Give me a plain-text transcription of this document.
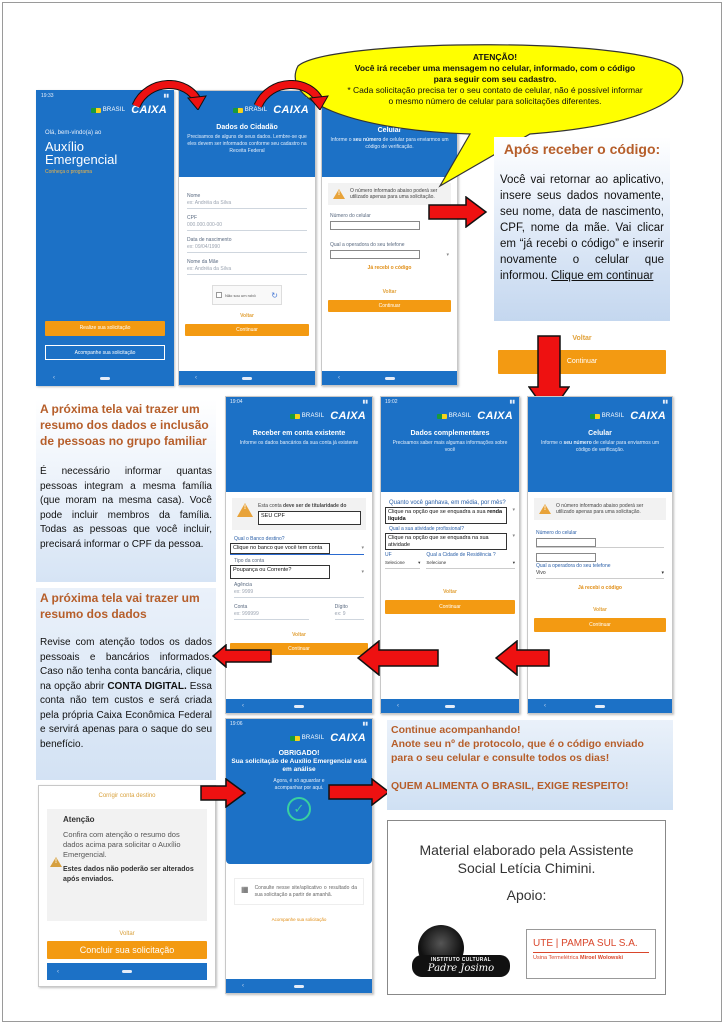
19:33	▮▮
BRASIL CAIXA
Olá, bem-vindo(a) ao
Auxílio Emergencial
Conheça o programa
Realize sua solicitação
Acompanhe sua solicitação
‹
BRASIL CAIXA
Dados do Cidadão
Precisamos de alguns de seus dados. Lembre-se que eles devem ser informados conforme seu cadastro na Receita Federal
Nome
ex: Andréia da Silva
CPF
000.000.000-00
Data de nascimento
ex: 09/04/1990
Nome da Mãe
ex: Andréia da Silva
Não sou um robô	↻
Voltar
Continuar
‹
Celular
Informe o seu número de celular para enviarmos um código de verificação.
!
O número informado abaixo poderá ser utilizado apenas para uma solicitação.
Número do celular
Qual a operadora do seu telefone
▾
Já recebi o código
Voltar
Continuar
‹
ATENÇÃO!
Você irá receber uma mensagem no celular, informado, com o código para seguir com seu cadastro.
* Cada solicitação precisa ter o seu contato de celular, não é possível informar o mesmo número de celular para solicitações diferentes.
Após receber o código:
Você vai retornar ao aplicativo, insere seus dados novamente, seu nome, data de nascimento, CPF, nome da mãe. Vai clicar em “já recebi o código” e inserir novamente o celular que informou. Clique em continuar
Voltar
Continuar
A próxima tela vai trazer um resumo dos dados e inclusão de pessoas no grupo familiar
É necessário informar quantas pessoas integram a mesma família (que moram na mesma casa). Você pode incluir membros da família. Todas as pessoas que você incluir, precisará informar o CPF da pessoa.
A próxima tela vai trazer um resumo dos dados
Revise com atenção todos os dados pessoais e bancários informados. Caso não tenha conta bancária, clique na opção abrir CONTA DIGITAL. Essa conta não tem custos e será criada pela própria Caixa Econômica Federal e servirá apenas para o saque do seu benefício.
19:04	▮▮
BRASIL CAIXA
Receber em conta existente
Informe os dados bancários da sua conta já existente
!
Esta conta deve ser de titularidade do
SEU CPF
Qual o Banco destino?
Clique no banco que você tem conta	▾
Tipo da conta
Poupança ou Corrente?	▾
Agência
ex: 9999
Conta
ex: 999999
Dígito
ex: 9
Voltar
Continuar
‹
19:02	▮▮
BRASIL CAIXA
Dados complementares
Precisamos saber mais algumas informações sobre você
Quanto você ganhava, em média, por mês?
Clique na opção que se enquadra a sua renda líquida
▾
Qual a sua atividade profissional?
Clique na opção que se enquadra na sua atividade
▾
UF
Selecione	▾
Qual a Cidade de Residência ?
Selecione	▾
Voltar
Continuar
‹
▮▮
BRASIL CAIXA
Celular
Informe o seu número de celular para enviarmos um código de verificação.
!
O número informado abaixo poderá ser utilizado apenas para uma solicitação.
Número do celular
Qual a operadora do seu telefone
Vivo	▾
Já recebi o código
Voltar
Continuar
‹
Corrigir conta destino
Atenção
!
Confira com atenção o resumo dos dados acima para solicitar o Auxílio Emergencial.
Estes dados não poderão ser alterados após enviados.
Voltar
Concluir sua solicitação
‹
19:06	▮▮
BRASIL CAIXA
OBRIGADO!
Sua solicitação de Auxílio Emergencial está em análise
Agora, é só aguardar e acompanhar por aqui.
✓
▦ Consulte nesse site/aplicativo o resultado da sua solicitação a partir de amanhã.
Acompanhe sua solicitação
‹
Continue acompanhando!
Anote seu nº de protocolo, que é o código enviado para o seu celular e consulte todos os dias!
QUEM ALIMENTA O BRASIL, EXIGE RESPEITO!
Material elaborado pela Assistente Social Letícia Chimini.
Apoio:
INSTITUTO CULTURAL
Padre Josimo
UTE | PAMPA SUL S.A.
Usina Termelétrica Miroel Wolowski
